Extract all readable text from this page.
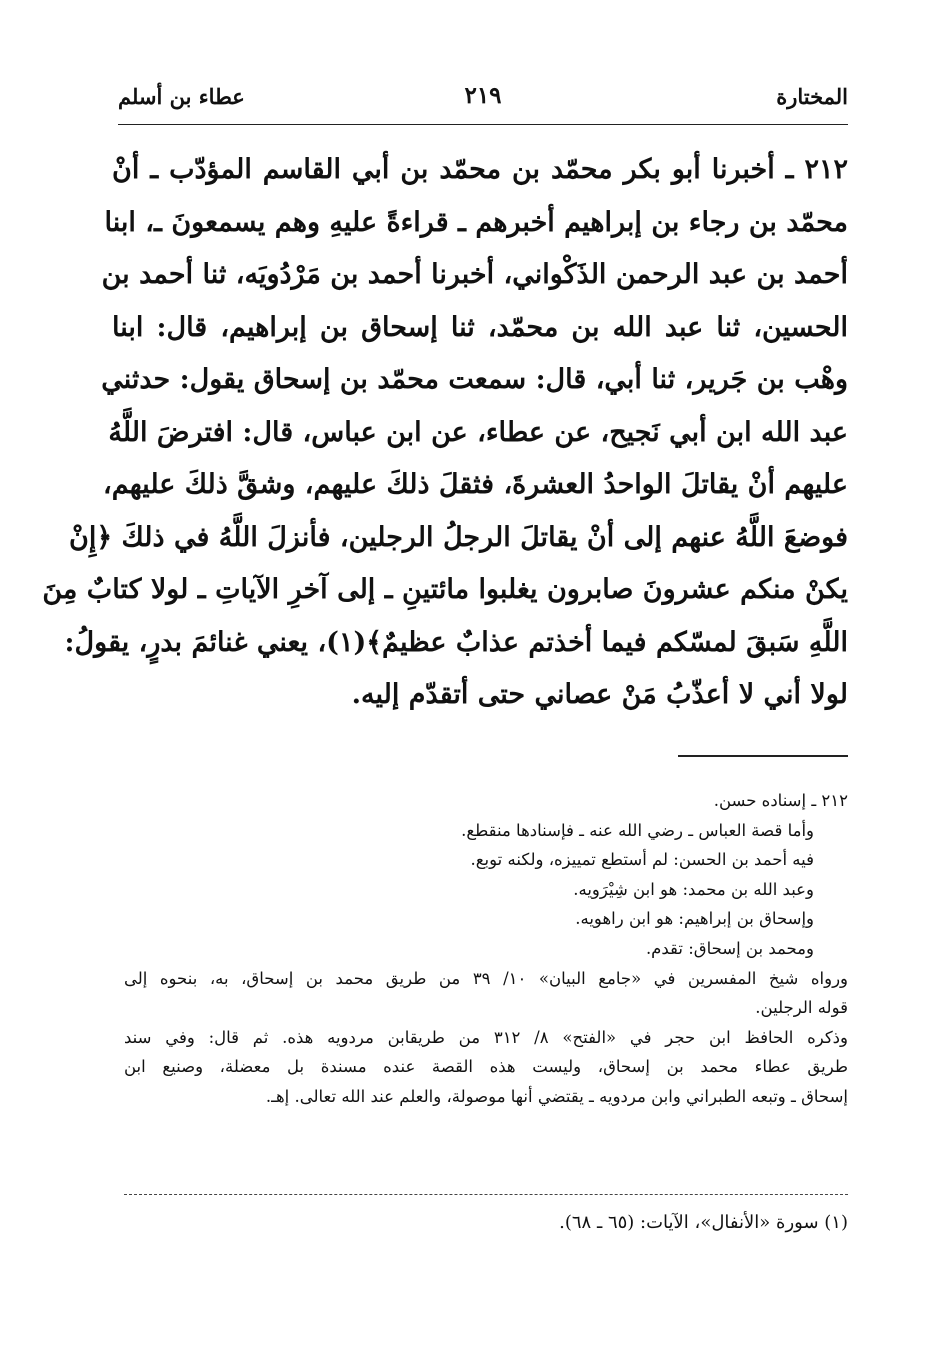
المختارة
٢١٩
عطاء بن أسلم
٢١٢ ـ أخبرنا أبو بكر محمّد بن محمّد بن أبي القاسم المؤدّب ـ أنْ
محمّد بن رجاء بن إبراهيم أخبرهم ـ قراءةً عليهِ وهم يسمعونَ ـ، ابنا
أحمد بن عبد الرحمن الذَكْواني، أخبرنا أحمد بن مَرْدُويَه، ثنا أحمد بن
الحسين، ثنا عبد الله بن محمّد، ثنا إسحاق بن إبراهيم، قال: ابنا
وهْب بن جَرير، ثنا أبي، قال: سمعت محمّد بن إسحاق يقول: حدثني
عبد الله ابن أبي نَجيح، عن عطاء، عن ابن عباس، قال: افترضَ اللَّهُ
عليهم أنْ يقاتلَ الواحدُ العشرةَ، فثقلَ ذلكَ عليهم، وشقَّ ذلكَ عليهم،
فوضعَ اللَّهُ عنهم إلى أنْ يقاتلَ الرجلُ الرجلين، فأنزلَ اللَّهُ في ذلكَ ﴿إِنْ
يكنْ منكم عشرونَ صابرون يغلبوا مائتينِ ـ إلى آخرِ الآياتِ ـ لولا كتابٌ مِنَ
اللَّهِ سَبقَ لمسّكم فيما أخذتم عذابٌ عظيمٌ﴾(١)، يعني غنائمَ بدرٍ، يقولُ:
لولا أني لا أعذّبُ مَنْ عصاني حتى أتقدّم إليه.
٢١٢ ـ إسناده حسن.
وأما قصة العباس ـ رضي الله عنه ـ فإسنادها منقطع.
فيه أحمد بن الحسن: لم أستطع تمييزه، ولكنه توبع.
وعبد الله بن محمد: هو ابن شِيْرَويه.
وإسحاق بن إبراهيم: هو ابن راهويه.
ومحمد بن إسحاق: تقدم.
ورواه شيخ المفسرين في «جامع البيان» ١٠/ ٣٩ من طريق محمد بن إسحاق، به، بنحوه إلى
قوله الرجلين.
وذكره الحافظ ابن حجر في «الفتح» ٨/ ٣١٢ من طريقابن مردويه هذه. ثم قال: وفي سند
طريق عطاء محمد بن إسحاق، وليست هذه القصة عنده مسندة بل معضلة، وصنيع ابن
إسحاق ـ وتبعه الطبراني وابن مردويه ـ يقتضي أنها موصولة، والعلم عند الله تعالى. إهـ.
(١) سورة «الأنفال»، الآيات: (٦٥ ـ ٦٨).
